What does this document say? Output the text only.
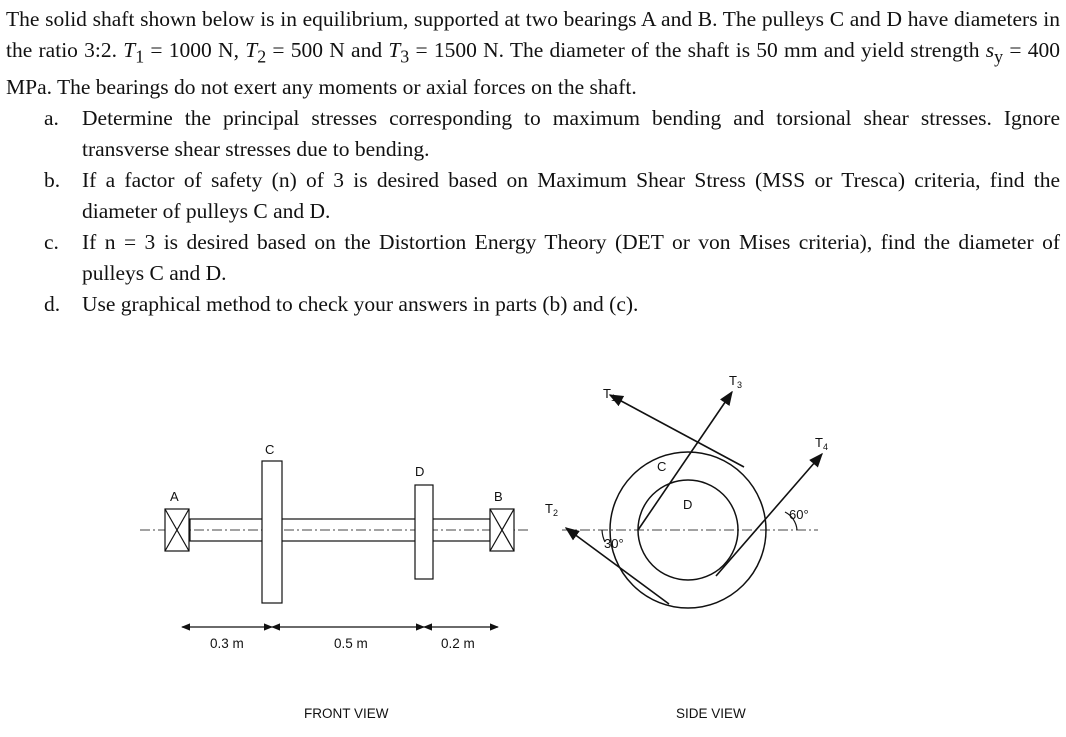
The solid shaft shown below is in equilibrium, supported at two bearings A and B. The pulleys C and D have diameters in the ratio 3:2. $T_1 = 1000$ N, $T_2 = 500$ N and $T_3 = 1500$ N. The diameter of the shaft is 50 mm and yield strength $s_y = 400$ MPa. The bearings do not exert any moments or axial forces on the shaft.

a. Determine the principal stresses corresponding to maximum bending and torsional shear stresses. Ignore transverse shear stresses due to bending.
b. If a factor of safety (n) of 3 is desired based on Maximum Shear Stress (MSS or Tresca) criteria, find the diameter of pulleys C and D.
c. If n = 3 is desired based on the Distortion Energy Theory (DET or von Mises criteria), find the diameter of pulleys C and D.
d. Use graphical method to check your answers in parts (b) and (c).
A	B
C
D
0.3 m	0.5 m	0.2 m
FRONT VIEW
C
D
$T_1$
$T_2$
$T_3$
$T_4$
30°
60°
SIDE VIEW
